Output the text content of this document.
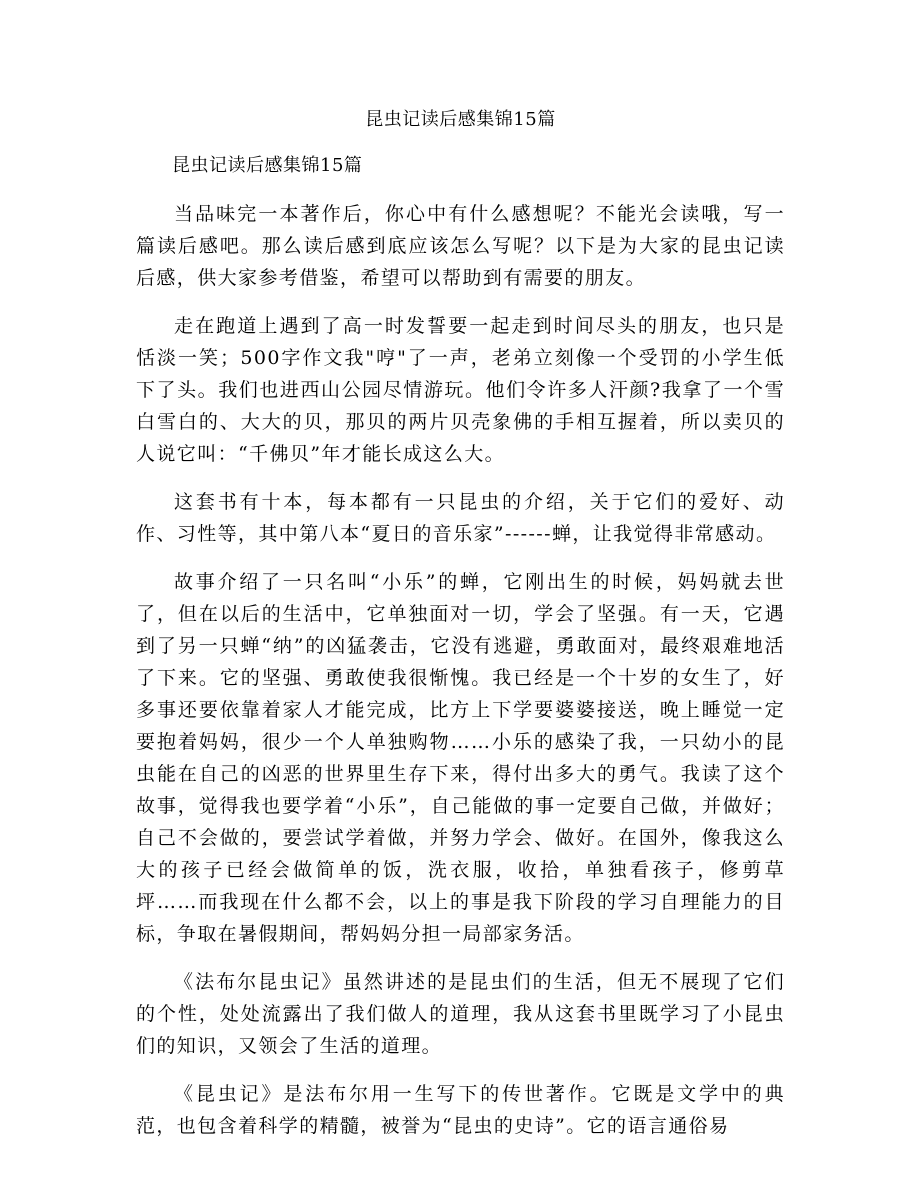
昆虫记读后感集锦15篇
昆虫记读后感集锦15篇

当品味完一本著作后，你心中有什么感想呢？不能光会读哦，写一篇读后感吧。那么读后感到底应该怎么写呢？以下是为大家的昆虫记读后感，供大家参考借鉴，希望可以帮助到有需要的朋友。

走在跑道上遇到了高一时发誓要一起走到时间尽头的朋友，也只是恬淡一笑；500字作文我"哼"了一声，老弟立刻像一个受罚的小学生低下了头。我们也进西山公园尽情游玩。他们令许多人汗颜?我拿了一个雪白雪白的、大大的贝，那贝的两片贝壳象佛的手相互握着，所以卖贝的人说它叫：“千佛贝”年才能长成这么大。

这套书有十本，每本都有一只昆虫的介绍，关于它们的爱好、动作、习性等，其中第八本“夏日的音乐家”------蝉，让我觉得非常感动。

故事介绍了一只名叫“小乐”的蝉，它刚出生的时候，妈妈就去世了，但在以后的生活中，它单独面对一切，学会了坚强。有一天，它遇到了另一只蝉“纳”的凶猛袭击，它没有逃避，勇敢面对，最终艰难地活了下来。它的坚强、勇敢使我很惭愧。我已经是一个十岁的女生了，好多事还要依靠着家人才能完成，比方上下学要婆婆接送，晚上睡觉一定要抱着妈妈，很少一个人单独购物……小乐的感染了我，一只幼小的昆虫能在自己的凶恶的世界里生存下来，得付出多大的勇气。我读了这个故事，觉得我也要学着“小乐”，自己能做的事一定要自己做，并做好；自己不会做的，要尝试学着做，并努力学会、做好。在国外，像我这么大的孩子已经会做简单的饭，洗衣服，收拾，单独看孩子，修剪草坪……而我现在什么都不会，以上的事是我下阶段的学习自理能力的目标，争取在暑假期间，帮妈妈分担一局部家务活。

《法布尔昆虫记》虽然讲述的是昆虫们的生活，但无不展现了它们的个性，处处流露出了我们做人的道理，我从这套书里既学习了小昆虫们的知识，又领会了生活的道理。

《昆虫记》是法布尔用一生写下的传世著作。它既是文学中的典范，也包含着科学的精髓，被誉为“昆虫的史诗”。它的语言通俗易
